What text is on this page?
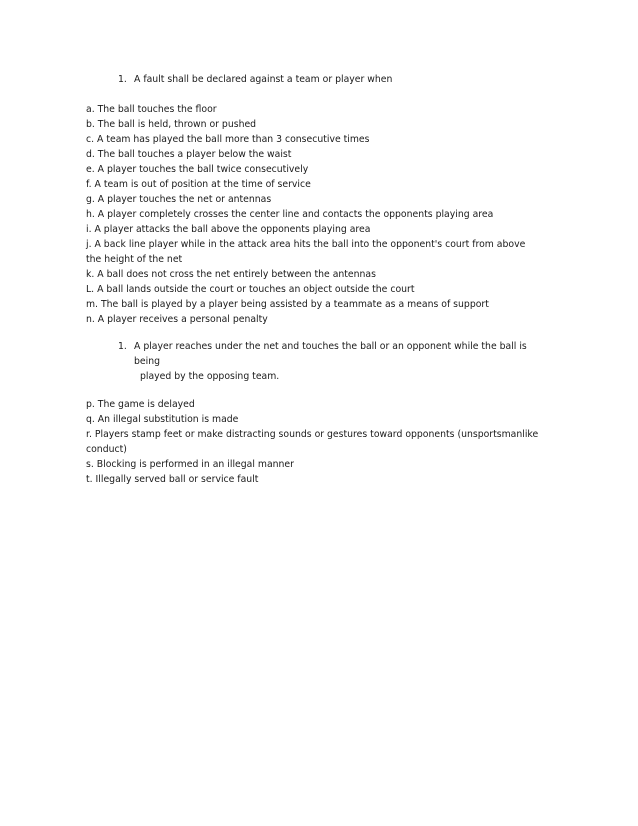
1. A fault shall be declared against a team or player when
a. The ball touches the floor
b. The ball is held, thrown or pushed
c. A team has played the ball more than 3 consecutive times
d. The ball touches a player below the waist
e. A player touches the ball twice consecutively
f. A team is out of position at the time of service
g. A player touches the net or antennas
h. A player completely crosses the center line and contacts the opponents playing area
i. A player attacks the ball above the opponents playing area
j. A back line player while in the attack area hits the ball into the opponent's court from above the height of the net
k. A ball does not cross the net entirely between the antennas
L. A ball lands outside the court or touches an object outside the court
m. The ball is played by a player being assisted by a teammate as a means of support
n. A player receives a personal penalty
1. A player reaches under the net and touches the ball or an opponent while the ball is being
played by the opposing team.
p. The game is delayed
q. An illegal substitution is made
r. Players stamp feet or make distracting sounds or gestures toward opponents (unsportsmanlike conduct)
s. Blocking is performed in an illegal manner
t. Illegally served ball or service fault
